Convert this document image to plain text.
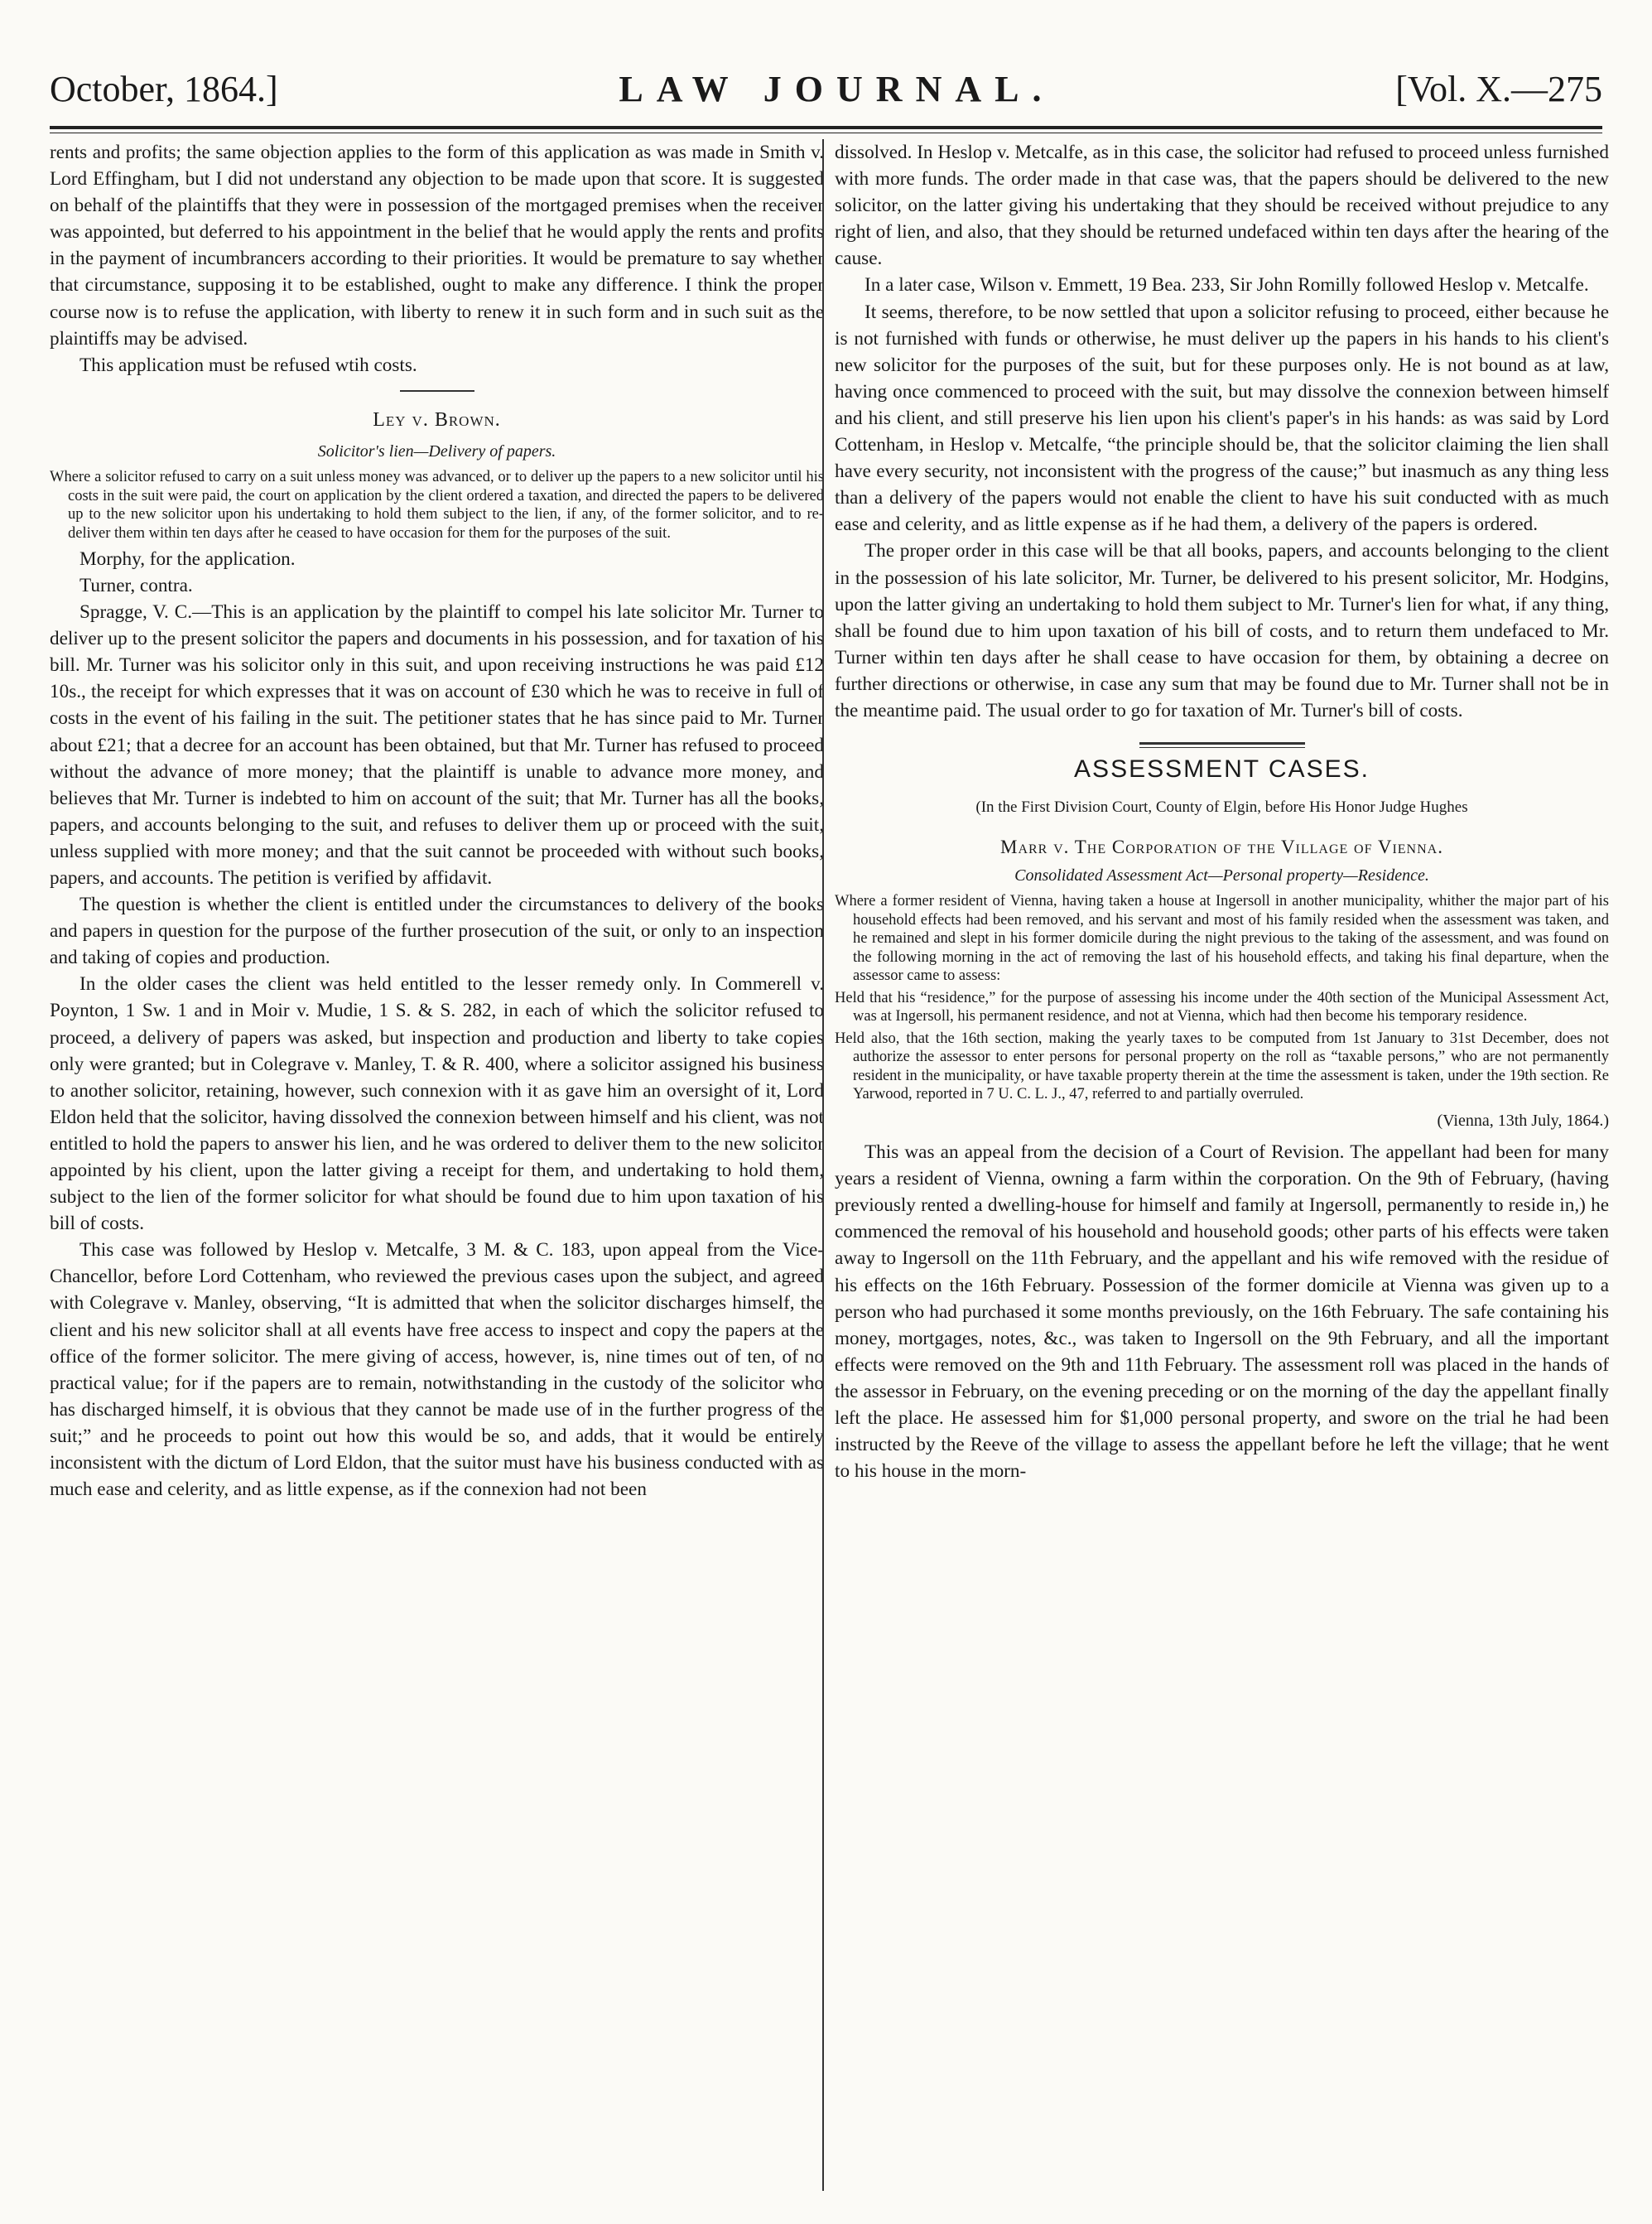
October, 1864.]	LAW JOURNAL.	[Vol. X.—275

rents and profits; the same objection applies to the form of this application as was made in Smith v. Lord Effingham, but I did not understand any objection to be made upon that score. It is suggested on behalf of the plaintiffs that they were in possession of the mortgaged premises when the receiver was appointed, but deferred to his appointment in the belief that he would apply the rents and profits in the payment of incumbrancers according to their priorities. It would be premature to say whether that circumstance, supposing it to be established, ought to make any difference. I think the proper course now is to refuse the application, with liberty to renew it in such form and in such suit as the plaintiffs may be advised.

This application must be refused wtih costs.

Ley v. Brown.
Solicitor's lien—Delivery of papers.
Where a solicitor refused to carry on a suit unless money was advanced, or to deliver up the papers to a new solicitor until his costs in the suit were paid, the court on application by the client ordered a taxation, and directed the papers to be delivered up to the new solicitor upon his undertaking to hold them subject to the lien, if any, of the former solicitor, and to re-deliver them within ten days after he ceased to have occasion for them for the purposes of the suit.
Morphy, for the application.
Turner, contra.

Spragge, V. C.—This is an application by the plaintiff to compel his late solicitor Mr. Turner to deliver up to the present solicitor the papers and documents in his possession, and for taxation of his bill. Mr. Turner was his solicitor only in this suit, and upon receiving instructions he was paid £12 10s., the receipt for which expresses that it was on account of £30 which he was to receive in full of costs in the event of his failing in the suit. The petitioner states that he has since paid to Mr. Turner about £21; that a decree for an account has been obtained, but that Mr. Turner has refused to proceed without the advance of more money; that the plaintiff is unable to advance more money, and believes that Mr. Turner is indebted to him on account of the suit; that Mr. Turner has all the books, papers, and accounts belonging to the suit, and refuses to deliver them up or proceed with the suit, unless supplied with more money; and that the suit cannot be proceeded with without such books, papers, and accounts. The petition is verified by affidavit.

The question is whether the client is entitled under the circumstances to delivery of the books and papers in question for the purpose of the further prosecution of the suit, or only to an inspection and taking of copies and production.

In the older cases the client was held entitled to the lesser remedy only. In Commerell v. Poynton, 1 Sw. 1 and in Moir v. Mudie, 1 S. & S. 282, in each of which the solicitor refused to proceed, a delivery of papers was asked, but inspection and production and liberty to take copies only were granted; but in Colegrave v. Manley, T. & R. 400, where a solicitor assigned his business to another solicitor, retaining, however, such connexion with it as gave him an oversight of it, Lord Eldon held that the solicitor, having dissolved the connexion between himself and his client, was not entitled to hold the papers to answer his lien, and he was ordered to deliver them to the new solicitor appointed by his client, upon the latter giving a receipt for them, and undertaking to hold them, subject to the lien of the former solicitor for what should be found due to him upon taxation of his bill of costs.

This case was followed by Heslop v. Metcalfe, 3 M. & C. 183, upon appeal from the Vice-Chancellor, before Lord Cottenham, who reviewed the previous cases upon the subject, and agreed with Colegrave v. Manley, observing, “It is admitted that when the solicitor discharges himself, the client and his new solicitor shall at all events have free access to inspect and copy the papers at the office of the former solicitor. The mere giving of access, however, is, nine times out of ten, of no practical value; for if the papers are to remain, notwithstanding in the custody of the solicitor who has discharged himself, it is obvious that they cannot be made use of in the further progress of the suit;” and he proceeds to point out how this would be so, and adds, that it would be entirely inconsistent with the dictum of Lord Eldon, that the suitor must have his business conducted with as much ease and celerity, and as little expense, as if the connexion had not been

dissolved. In Heslop v. Metcalfe, as in this case, the solicitor had refused to proceed unless furnished with more funds. The order made in that case was, that the papers should be delivered to the new solicitor, on the latter giving his undertaking that they should be received without prejudice to any right of lien, and also, that they should be returned undefaced within ten days after the hearing of the cause.

In a later case, Wilson v. Emmett, 19 Bea. 233, Sir John Romilly followed Heslop v. Metcalfe.

It seems, therefore, to be now settled that upon a solicitor refusing to proceed, either because he is not furnished with funds or otherwise, he must deliver up the papers in his hands to his client's new solicitor for the purposes of the suit, but for these purposes only. He is not bound as at law, having once commenced to proceed with the suit, but may dissolve the connexion between himself and his client, and still preserve his lien upon his client's paper's in his hands: as was said by Lord Cottenham, in Heslop v. Metcalfe, “the principle should be, that the solicitor claiming the lien shall have every security, not inconsistent with the progress of the cause;” but inasmuch as any thing less than a delivery of the papers would not enable the client to have his suit conducted with as much ease and celerity, and as little expense as if he had them, a delivery of the papers is ordered.

The proper order in this case will be that all books, papers, and accounts belonging to the client in the possession of his late solicitor, Mr. Turner, be delivered to his present solicitor, Mr. Hodgins, upon the latter giving an undertaking to hold them subject to Mr. Turner's lien for what, if any thing, shall be found due to him upon taxation of his bill of costs, and to return them undefaced to Mr. Turner within ten days after he shall cease to have occasion for them, by obtaining a decree on further directions or otherwise, in case any sum that may be found due to Mr. Turner shall not be in the meantime paid. The usual order to go for taxation of Mr. Turner's bill of costs.

ASSESSMENT CASES.
(In the First Division Court, County of Elgin, before His Honor Judge Hughes
Marr v. The Corporation of the Village of Vienna.
Consolidated Assessment Act—Personal property—Residence.
Where a former resident of Vienna, having taken a house at Ingersoll in another municipality, whither the major part of his household effects had been removed, and his servant and most of his family resided when the assessment was taken, and he remained and slept in his former domicile during the night previous to the taking of the assessment, and was found on the following morning in the act of removing the last of his household effects, and taking his final departure, when the assessor came to assess:
Held that his “residence,” for the purpose of assessing his income under the 40th section of the Municipal Assessment Act, was at Ingersoll, his permanent residence, and not at Vienna, which had then become his temporary residence.
Held also, that the 16th section, making the yearly taxes to be computed from 1st January to 31st December, does not authorize the assessor to enter persons for personal property on the roll as “taxable persons,” who are not permanently resident in the municipality, or have taxable property therein at the time the assessment is taken, under the 19th section. Re Yarwood, reported in 7 U. C. L. J., 47, referred to and partially overruled.
(Vienna, 13th July, 1864.)

This was an appeal from the decision of a Court of Revision. The appellant had been for many years a resident of Vienna, owning a farm within the corporation. On the 9th of February, (having previously rented a dwelling-house for himself and family at Ingersoll, permanently to reside in,) he commenced the removal of his household and household goods; other parts of his effects were taken away to Ingersoll on the 11th February, and the appellant and his wife removed with the residue of his effects on the 16th February. Possession of the former domicile at Vienna was given up to a person who had purchased it some months previously, on the 16th February. The safe containing his money, mortgages, notes, &c., was taken to Ingersoll on the 9th February, and all the important effects were removed on the 9th and 11th February. The assessment roll was placed in the hands of the assessor in February, on the evening preceding or on the morning of the day the appellant finally left the place. He assessed him for $1,000 personal property, and swore on the trial he had been instructed by the Reeve of the village to assess the appellant before he left the village; that he went to his house in the morn-
